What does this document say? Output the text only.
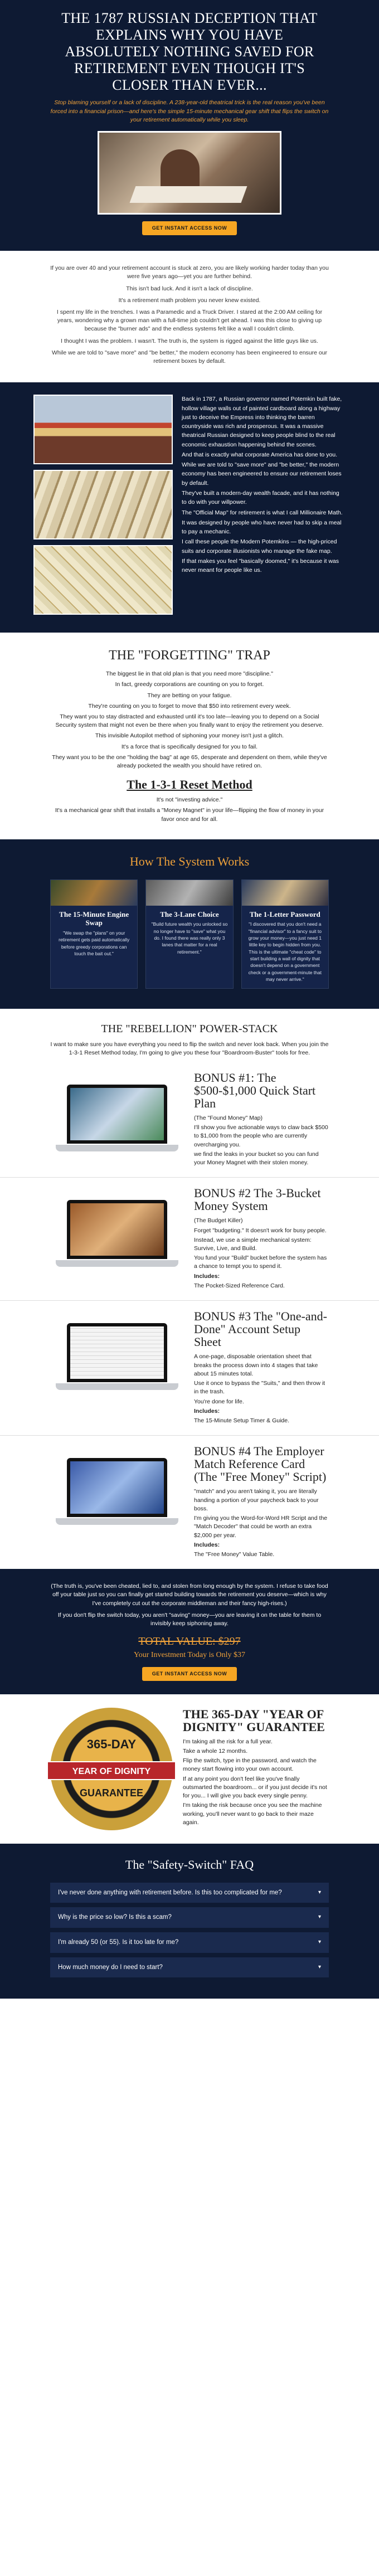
THE 1787 RUSSIAN DECEPTION THAT EXPLAINS WHY YOU HAVE ABSOLUTELY NOTHING SAVED FOR RETIREMENT EVEN THOUGH IT'S CLOSER THAN EVER...

Stop blaming yourself or a lack of discipline. A 238-year-old theatrical trick is the real reason you've been forced into a financial prison—and here's the simple 15-minute mechanical gear shift that flips the switch on your retirement automatically while you sleep.

GET INSTANT ACCESS NOW

If you are over 40 and your retirement account is stuck at zero, you are likely working harder today than you were five years ago—yet you are further behind.

This isn't bad luck. And it isn't a lack of discipline.

It's a retirement math problem you never knew existed.

I spent my life in the trenches. I was a Paramedic and a Truck Driver. I stared at the 2:00 AM ceiling for years, wondering why a grown man with a full-time job couldn't get ahead. I was this close to giving up because the "burner ads" and the endless systems felt like a wall I couldn't climb.

I thought I was the problem. I wasn't. The truth is, the system is rigged against the little guys like us.

While we are told to "save more" and "be better," the modern economy has been engineered to ensure our retirement boxes by default.

Back in 1787, a Russian governor named Potemkin built fake, hollow village walls out of painted cardboard along a highway just to deceive the Empress into thinking the barren countryside was rich and prosperous. It was a massive theatrical Russian designed to keep people blind to the real economic exhaustion happening behind the scenes.

And that is exactly what corporate America has done to you.

While we are told to "save more" and "be better," the modern economy has been engineered to ensure our retirement loses by default.

They've built a modern-day wealth facade, and it has nothing to do with your willpower.

The "Official Map" for retirement is what I call Millionaire Math.

It was designed by people who have never had to skip a meal to pay a mechanic.

I call these people the Modern Potemkins — the high-priced suits and corporate illusionists who manage the fake map.

If that makes you feel "basically doomed," it's because it was never meant for people like us.

THE "FORGETTING" TRAP

The biggest lie in that old plan is that you need more "discipline."

In fact, greedy corporations are counting on you to forget.

They are betting on your fatigue.

They're counting on you to forget to move that $50 into retirement every week.

They want you to stay distracted and exhausted until it's too late—leaving you to depend on a Social Security system that might not even be there when you finally want to enjoy the retirement you deserve.

This invisible Autopilot method of siphoning your money isn't just a glitch.

It's a force that is specifically designed for you to fail.

They want you to be the one "holding the bag" at age 65, desperate and dependent on them, while they've already pocketed the wealth you should have retired on.

The 1-3-1 Reset Method

It's not "investing advice."

It's a mechanical gear shift that installs a "Money Magnet" in your life—flipping the flow of money in your favor once and for all.

How The System Works
The 15-Minute Engine Swap

"We swap the "plans" on your retirement gets paid automatically before greedy corporations can touch the bait out."

The 3-Lane Choice

"Build future wealth you unlocked so no longer have to "save" what you do. I found there was really only 3 lanes that matter for a real retirement."

The 1-Letter Password

"I discovered that you don't need a "financial advisor" to a fancy suit to grow your money—you just need 1 little key to begin hidden from you. This is the ultimate "cheat code" to start building a wall of dignity that doesn't depend on a government check or a government-minute that may never arrive."

THE "REBELLION" POWER-STACK

I want to make sure you have everything you need to flip the switch and never look back. When you join the 1-3-1 Reset Method today, I'm going to give you these four "Boardroom-Buster" tools for free.

BONUS #1: The $500-$1,000 Quick Start Plan

(The "Found Money" Map)

I'll show you five actionable ways to claw back $500 to $1,000 from the people who are currently overcharging you.

we find the leaks in your bucket so you can fund your Money Magnet with their stolen money.

BONUS #2 The 3-Bucket Money System

(The Budget Killer)

Forget "budgeting." It doesn't work for busy people.

Instead, we use a simple mechanical system: Survive, Live, and Build.

You fund your "Build" bucket before the system has a chance to tempt you to spend it.

Includes:

The Pocket-Sized Reference Card.

BONUS #3 The "One-and-Done" Account Setup Sheet

A one-page, disposable orientation sheet that breaks the process down into 4 stages that take about 15 minutes total.

Use it once to bypass the "Suits," and then throw it in the trash.

You're done for life.

Includes:

The 15-Minute Setup Timer & Guide.

BONUS #4 The Employer Match Reference Card (The "Free Money" Script)

"match" and you aren't taking it, you are literally handing a portion of your paycheck back to your boss.

I'm giving you the Word-for-Word HR Script and the "Match Decoder" that could be worth an extra $2,000 per year.

Includes:

The "Free Money" Value Table.

(The truth is, you've been cheated, lied to, and stolen from long enough by the system. I refuse to take food off your table just so you can finally get started building towards the retirement you deserve—which is why I've completely cut out the corporate middleman and their fancy high-rises.)

If you don't flip the switch today, you aren't "saving" money—you are leaving it on the table for them to invisibly keep siphoning away.

TOTAL VALUE: $297
Your Investment Today is Only $37
GET INSTANT ACCESS NOW
365-DAY
YEAR OF DIGNITY
GUARANTEE
THE 365-DAY "YEAR OF DIGNITY" GUARANTEE

I'm taking all the risk for a full year.

Take a whole 12 months.

Flip the switch, type in the password, and watch the money start flowing into your own account.

If at any point you don't feel like you've finally outsmarted the boardroom... or if you just decide it's not for you... I will give you back every single penny.

I'm taking the risk because once you see the machine working, you'll never want to go back to their maze again.

The "Safety-Switch" FAQ
I've never done anything with retirement before. Is this too complicated for me?	▾
Why is the price so low? Is this a scam?	▾
I'm already 50 (or 55). Is it too late for me?	▾
How much money do I need to start?	▾
